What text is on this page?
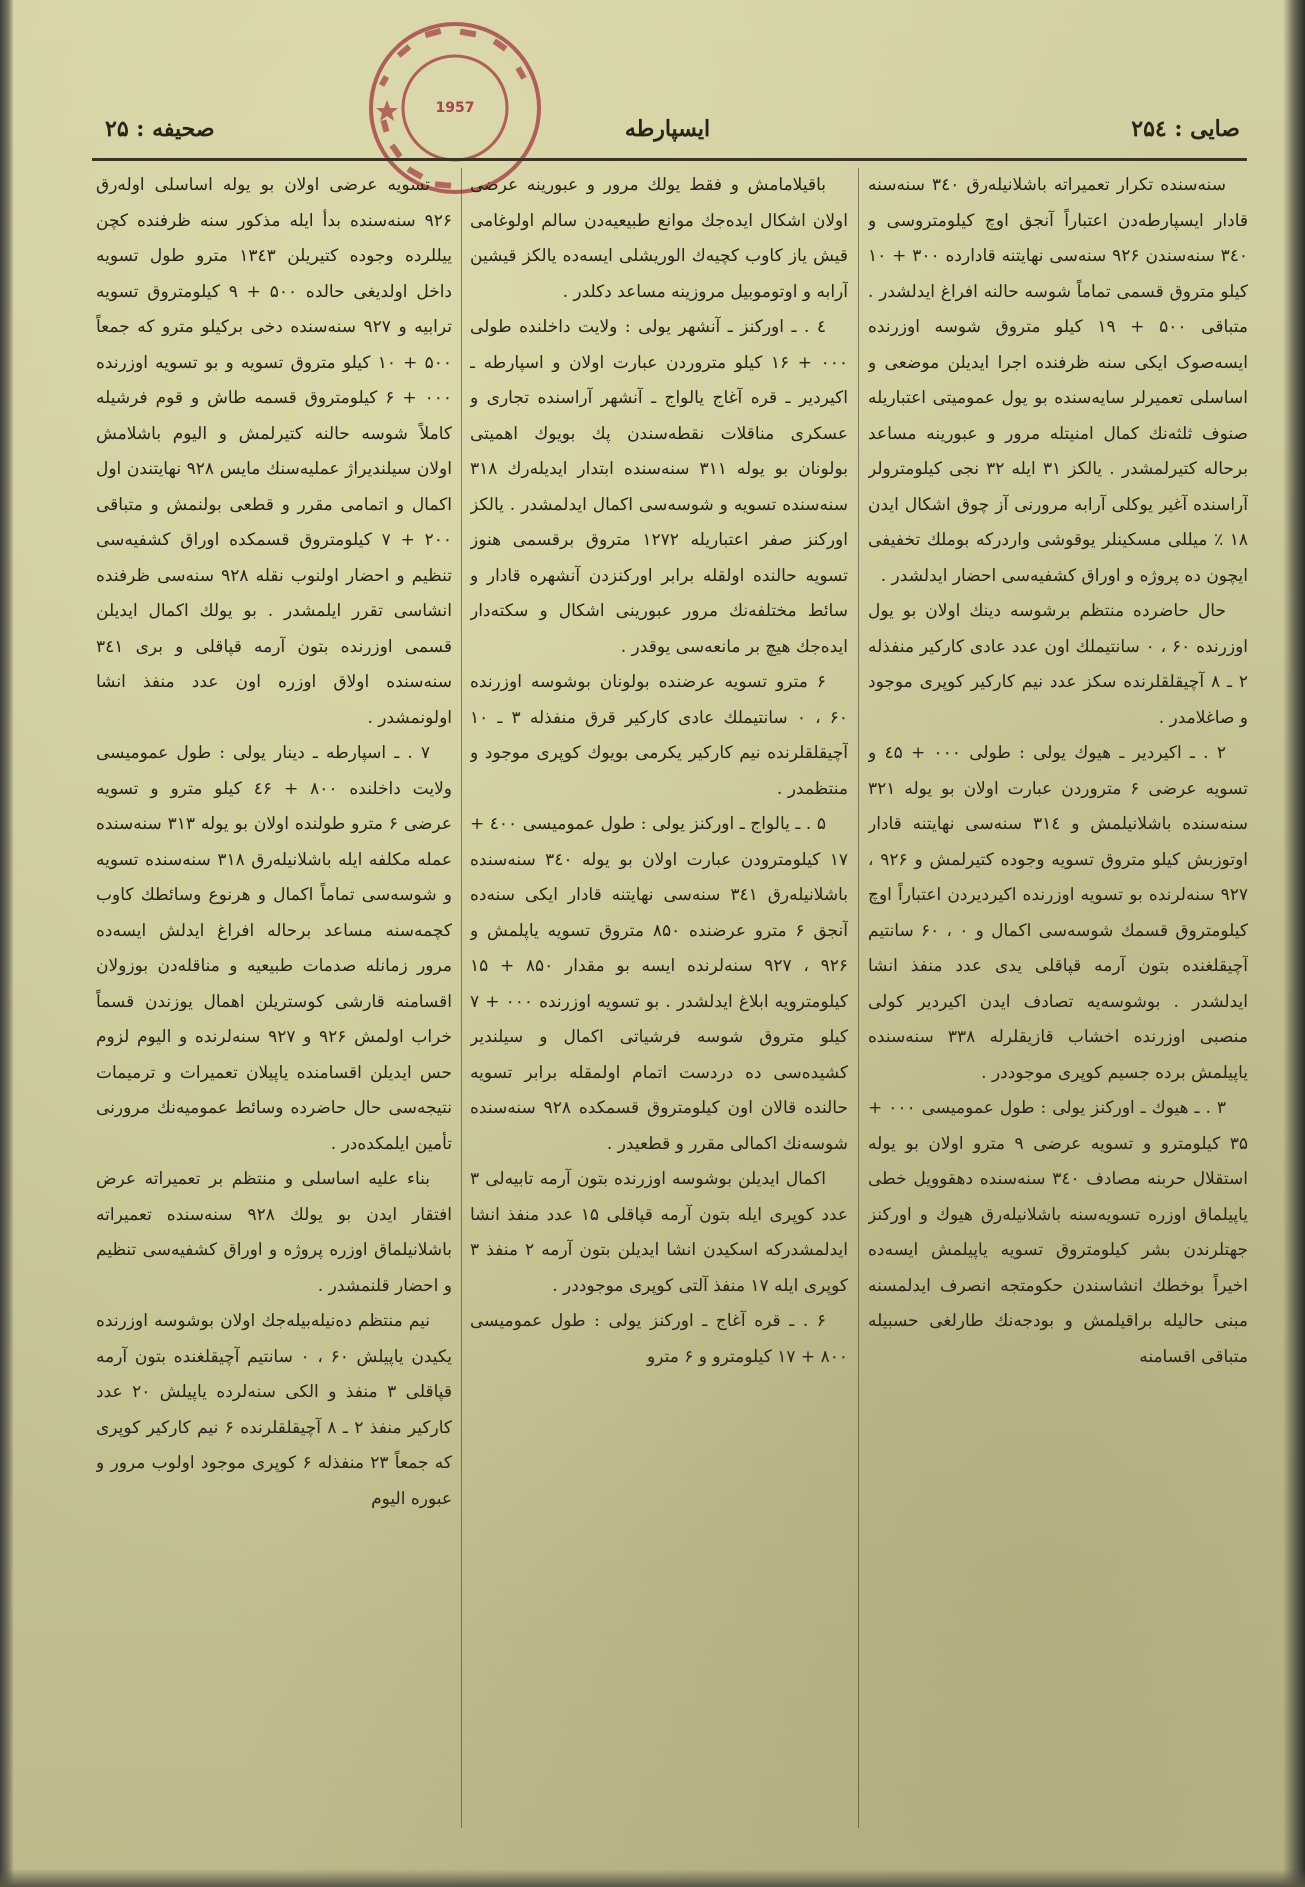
1957
صایی : ۲۵٤
ایسپارطه
صحیفه : ۲۵

سنه‌سنده تکرار تعمیراته باشلانیله‌رق ۳٤٠ سنه‌سنه قادار ایسپارطه‌دن اعتباراً آنجق اوچ کیلومترو‌سی و ۳٤٠ سنه‌سندن ۹۲۶ سنه‌سی نهایتنه قادارده ۳٠٠ + ۱٠ کیلو متروق قسمی تماماً شوسه حالنه افراغ ایدلشدر . متباقی ۵٠٠ + ۱۹ کیلو متروق شوسه اوزرنده ایسه‌صوک ایکی سنه ظرفنده اجرا ایدیلن موضعی و اساسلی تعمیرلر سایه‌سنده بو یول عمومیتی اعتباریله صنوف ثلثه‌نك کمال امنیتله مرور و عبورینه مساعد برحاله کتیرلمشدر . یالکز ۳۱ ایله ۳۲ نجی کیلومترولر آراسنده آغیر یوکلی آرابه مرورنی آز چوق اشکال ایدن ۱۸ ٪ میللی مسکینلر یوقوشی واردرکه بوملك تخفیفی ایچون ده پروژه و اوراق کشفیه‌سی احضار ایدلشدر .

حال حاضرده منتظم برشوسه دینك اولان بو یول اوزرنده ۶٠ ، ٠ سانتیملك اون عدد عادی کارکیر منفذله ۲ ـ ۸ آچیقلقلرنده سکز عدد نیم کارکیر کوپری موجود و صاغلامدر .

۲ . ـ اکیردیر ـ هیوك یولی : طولی ٠٠٠ + ٤۵ و تسویه عرضی ۶ متروردن عبارت اولان بو یوله ۳۲۱ سنه‌سنده باشلانیلمش و ۳۱٤ سنه‌سی نهایتنه قادار اوتوزبش کیلو متروق تسویه وجوده کتیرلمش و ۹۲۶ ، ۹۲۷ سنه‌لرنده بو تسویه اوزرنده اکیردیردن اعتباراً اوچ کیلومتروق قسمك شوسه‌سی اکمال و ٠ ، ۶٠ سانتیم آچیقلغنده بتون آرمه قپاقلی یدی عدد منفذ انشا ایدلشدر . بوشوسه‌یه تصادف ایدن اکیردیر کولی منصبی اوزرنده اخشاب قازیقلرله ۳۳۸ سنه‌سنده یاپیلمش برده جسیم کوپری موجوددر .

۳ . ـ هیوك ـ اورکنز یولی : طول عمومیسی ٠٠٠ + ۳۵ کیلومترو و تسویه عرضی ۹ مترو اولان بو یوله استقلال حربنه مصادف ۳٤٠ سنه‌سنده دهقوویل خطی یاپیلماق اوزره تسویه‌سنه باشلانیله‌رق هیوك و اورکنز جهتلرندن بشر کیلومتروق تسویه یاپیلمش ایسه‌ده اخیراً بوخطك انشاسندن حکومتجه انصرف ایدلمسنه مبنی حالیله براقیلمش و بودجه‌نك طارلغی حسبیله متباقی اقسامنه

باقیلامامش و فقط یولك مرور و عبورینه عرضی اولان اشکال ایده‌جك موانع طبیعیه‌دن سالم اولوغامی قیش یاز کاوب کچیه‌ك الوریشلی ایسه‌ده یالکز قیشین آرابه و اوتوموبیل مروزینه مساعد دکلدر .

٤ . ـ اورکنز ـ آنشهر یولی : ولایت داخلنده طولی ٠٠٠ + ۱۶ کیلو متروردن عبارت اولان و اسپارطه ـ اکیردیر ـ قره آغاج یالواج ـ آنشهر آراسنده تجاری و عسکری مناقلات نقطه‌سندن پك بویوك اهمیتی بولونان بو یوله ۳۱۱ سنه‌سنده ابتدار ایدیله‌رك ۳۱۸ سنه‌سنده تسویه و شوسه‌سی اکمال ایدلمشدر . یالکز اورکنز صفر اعتباریله ۱۲۷۲ متروق برقسمی هنوز تسویه حالنده اولقله برابر اورکنزدن آنشهره قادار و سائط مختلفه‌نك مرور عبورینی اشکال و سکته‌دار ایده‌جك هیچ بر مانعه‌سی یوقدر .

۶ مترو تسویه عرضنده بولونان بوشوسه اوزرنده ۶٠ ، ٠ سانتیملك عادی کارکیر قرق منفذله ۳ ـ ۱٠ آچیقلقلرنده نیم کارکیر یکرمی بویوك کوپری موجود و منتظمدر .

۵ . ـ یالواج ـ اورکنز یولی : طول عمومیسی ٤٠٠ + ۱۷ کیلومترودن عبارت اولان بو یوله ۳٤٠ سنه‌سنده باشلانیله‌رق ۳٤۱ سنه‌سی نهایتنه قادار ایکی سنه‌ده آنجق ۶ مترو عرضنده ۸۵٠ متروق تسویه یاپلمش و ۹۲۶ ، ۹۲۷ سنه‌لرنده ایسه بو مقدار ۸۵٠ + ۱۵ کیلومترویه ابلاغ ایدلشدر . بو تسویه اوزرنده ٠٠٠ + ۷ کیلو متروق شوسه فرشیاتی اکمال و سیلندیر کشیده‌سی ده دردست اتمام اولمقله برابر تسویه حالنده قالان اون کیلومتروق قسمکده ۹۲۸ سنه‌سنده شوسه‌نك اکمالی مقرر و قطعیدر .

اکمال ایدیلن بوشوسه اوزرنده بتون آرمه تابیه‌لی ۳ عدد کوپری ایله بتون آرمه قپاقلی ۱۵ عدد منفذ انشا ایدلمشدرکه اسکیدن انشا ایدیلن بتون آرمه ۲ منفذ ۳ کوپری ایله ۱۷ منفذ آلتی کوپری موجوددر .

۶ . ـ قره آغاج ـ اورکنز یولی : طول عمومیسی ۸٠٠ + ۱۷ کیلومترو و ۶ مترو

تسویه عرضی اولان بو یوله اساسلی اوله‌رق ۹۲۶ سنه‌سنده بدأ ایله مذکور سنه ظرفنده کچن ییللرده وجوده کتیریلن ۱۳٤۳ مترو طول تسویه داخل اولدیغی حالده ۵٠٠ + ۹ کیلومتروق تسویه ترابیه و ۹۲۷ سنه‌سنده دخی برکیلو مترو که جمعاً ۵٠٠ + ۱٠ کیلو متروق تسویه و بو تسویه اوزرنده ٠٠٠ + ۶ کیلومتروق قسمه طاش و قوم فرشیله کاملاً شوسه حالنه کتیرلمش و الیوم باشلامش اولان سیلندیراژ عملیه‌سنك مایس ۹۲۸ نهایتندن اول اکمال و اتمامی مقرر و قطعی بولنمش و متباقی ۲٠٠ + ۷ کیلومتروق قسمکده اوراق کشفیه‌سی تنظیم و احضار اولنوب نقله ۹۲۸ سنه‌سی ظرفنده انشاسی تقرر ایلمشدر . بو یولك اکمال ایدیلن قسمی اوزرنده بتون آرمه قپاقلی و بری ۳٤۱ سنه‌سنده اولاق اوزره اون عدد منفذ انشا اولونمشدر .

۷ . ـ اسپارطه ـ دینار یولی : طول عمومیسی ولایت داخلنده ۸٠٠ + ٤۶ کیلو مترو و تسویه عرضی ۶ مترو طولنده اولان بو یوله ۳۱۳ سنه‌سنده عمله مکلفه ایله باشلانیله‌رق ۳۱۸ سنه‌سنده تسویه و شوسه‌سی تماماً اکمال و هرنوع وسائطك کاوب کچمه‌سنه مساعد برحاله افراغ ایدلش ایسه‌ده مرور زمانله صدمات طبیعیه و مناقله‌دن بوزولان اقسامنه قارشی کوستریلن اهمال یوزندن قسماً خراب اولمش ۹۲۶ و ۹۲۷ سنه‌لرنده و الیوم لزوم حس ایدیلن اقسامنده یاپیلان تعمیرات و ترمیمات نتیجه‌سی حال حاضرده وسائط عمومیه‌نك مرورنی تأمین ایلمکده‌در .

بناء علیه اساسلی و منتظم بر تعمیراته عرض افتقار ایدن بو یولك ۹۲۸ سنه‌سنده تعمیراته باشلانیلماق اوزره پروژه و اوراق کشفیه‌سی تنظیم و احضار قلنمشدر .

نیم منتظم ده‌نیله‌بیله‌جك اولان بوشوسه اوزرنده یکیدن یاپیلش ۶٠ ، ٠ سانتیم آچیقلغنده بتون آرمه قپاقلی ۳ منفذ و الکی سنه‌لرده یاپیلش ۲٠ عدد کارکیر منفذ ۲ ـ ۸ آچیقلقلرنده ۶ نیم کارکیر کوپری که جمعاً ۲۳ منفذله ۶ کوپری موجود اولوب مرور و عبوره الیوم
